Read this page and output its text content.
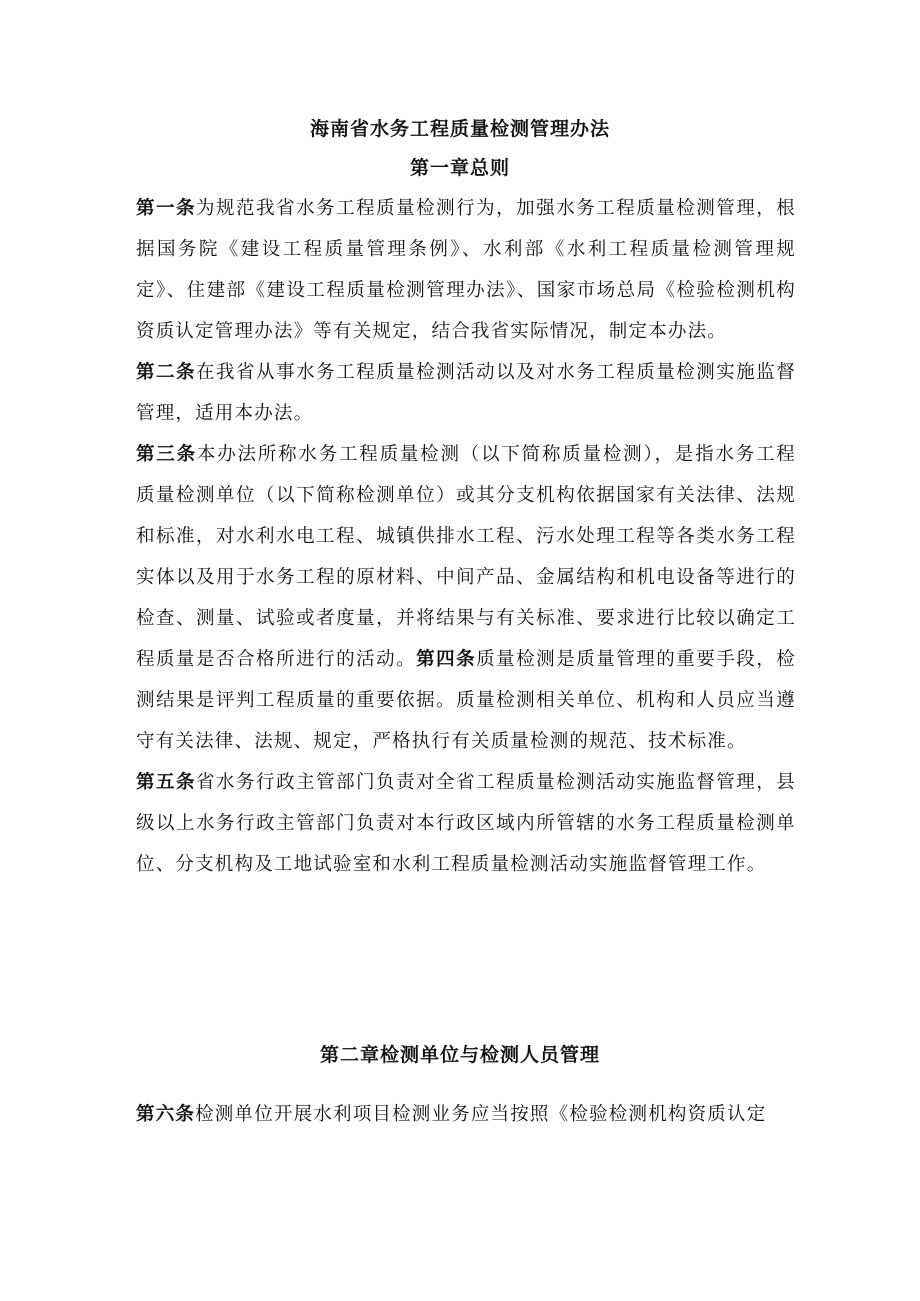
海南省水务工程质量检测管理办法
第一章总则

第一条为规范我省水务工程质量检测行为，加强水务工程质量检测管理，根据国务院《建设工程质量管理条例》、水利部《水利工程质量检测管理规定》、住建部《建设工程质量检测管理办法》、国家市场总局《检验检测机构资质认定管理办法》等有关规定，结合我省实际情况，制定本办法。

第二条在我省从事水务工程质量检测活动以及对水务工程质量检测实施监督管理，适用本办法。

第三条本办法所称水务工程质量检测（以下简称质量检测），是指水务工程质量检测单位（以下简称检测单位）或其分支机构依据国家有关法律、法规和标准，对水利水电工程、城镇供排水工程、污水处理工程等各类水务工程实体以及用于水务工程的原材料、中间产品、金属结构和机电设备等进行的检查、测量、试验或者度量，并将结果与有关标准、要求进行比较以确定工程质量是否合格所进行的活动。第四条质量检测是质量管理的重要手段，检测结果是评判工程质量的重要依据。质量检测相关单位、机构和人员应当遵守有关法律、法规、规定，严格执行有关质量检测的规范、技术标准。

第五条省水务行政主管部门负责对全省工程质量检测活动实施监督管理，县级以上水务行政主管部门负责对本行政区域内所管辖的水务工程质量检测单位、分支机构及工地试验室和水利工程质量检测活动实施监督管理工作。

第二章检测单位与检测人员管理

第六条检测单位开展水利项目检测业务应当按照《检验检测机构资质认定
